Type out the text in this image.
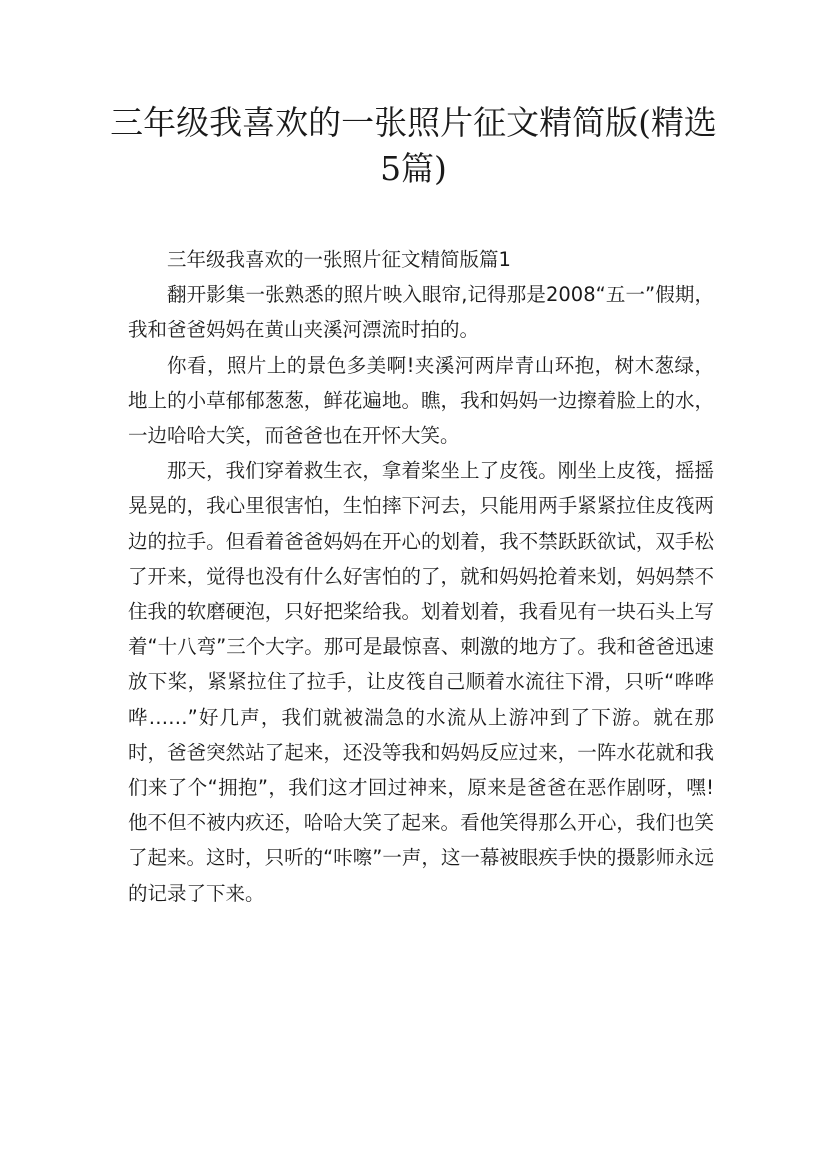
三年级我喜欢的一张照片征文精简版(精选5篇)

三年级我喜欢的一张照片征文精简版篇1

翻开影集一张熟悉的照片映入眼帘,记得那是2008“五一”假期，我和爸爸妈妈在黄山夹溪河漂流时拍的。

你看，照片上的景色多美啊!夹溪河两岸青山环抱，树木葱绿，地上的小草郁郁葱葱，鲜花遍地。瞧，我和妈妈一边擦着脸上的水，一边哈哈大笑，而爸爸也在开怀大笑。

那天，我们穿着救生衣，拿着桨坐上了皮筏。刚坐上皮筏，摇摇晃晃的，我心里很害怕，生怕摔下河去，只能用两手紧紧拉住皮筏两边的拉手。但看着爸爸妈妈在开心的划着，我不禁跃跃欲试，双手松了开来，觉得也没有什么好害怕的了，就和妈妈抢着来划，妈妈禁不住我的软磨硬泡，只好把桨给我。划着划着，我看见有一块石头上写着“十八弯”三个大字。那可是最惊喜、刺激的地方了。我和爸爸迅速放下桨，紧紧拉住了拉手，让皮筏自己顺着水流往下滑，只听“哗哗哗……”好几声，我们就被湍急的水流从上游冲到了下游。就在那时，爸爸突然站了起来，还没等我和妈妈反应过来，一阵水花就和我们来了个“拥抱”，我们这才回过神来，原来是爸爸在恶作剧呀，嘿!他不但不被内疚还，哈哈大笑了起来。看他笑得那么开心，我们也笑了起来。这时，只听的“咔嚓”一声，这一幕被眼疾手快的摄影师永远的记录了下来。
